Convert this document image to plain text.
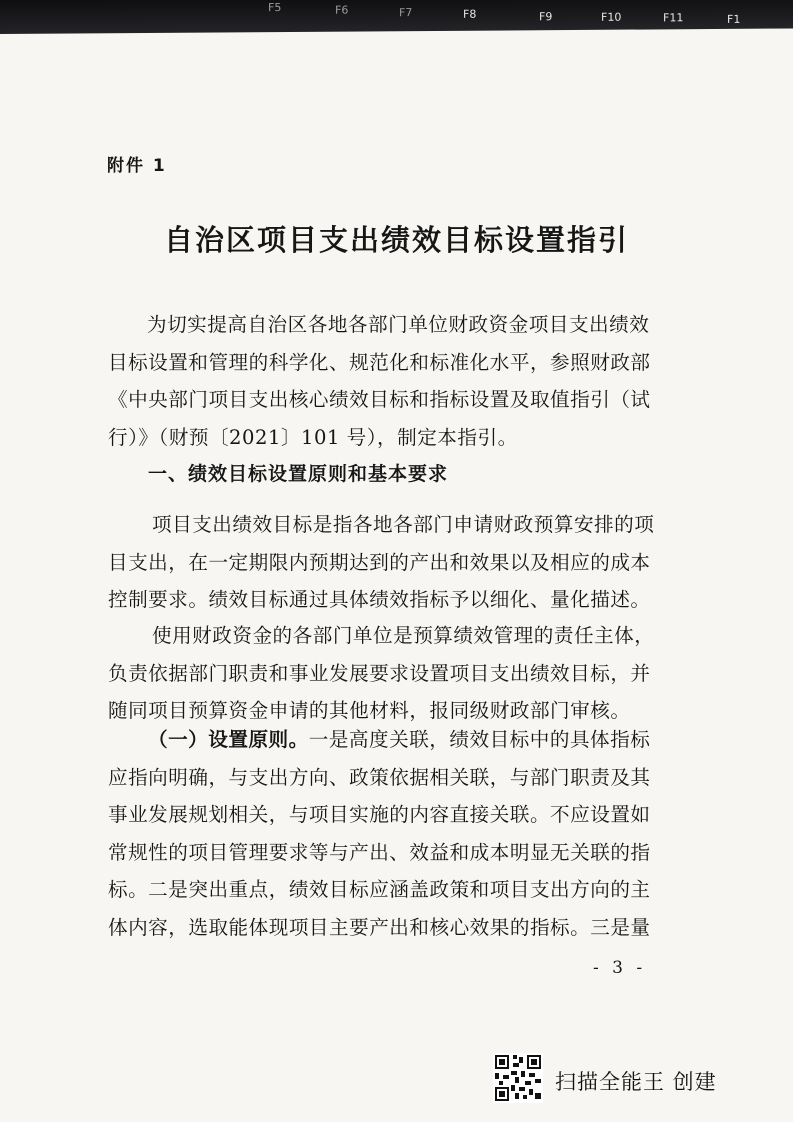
F5	F6	F7	F8	F9	F10	F11	F1
附件 1
自治区项目支出绩效目标设置指引
为切实提高自治区各地各部门单位财政资金项目支出绩效
目标设置和管理的科学化、规范化和标准化水平，参照财政部
《中央部门项目支出核心绩效目标和指标设置及取值指引（试
行）》（财预〔2021〕101 号），制定本指引。
一、绩效目标设置原则和基本要求
项目支出绩效目标是指各地各部门申请财政预算安排的项
目支出，在一定期限内预期达到的产出和效果以及相应的成本
控制要求。绩效目标通过具体绩效指标予以细化、量化描述。
使用财政资金的各部门单位是预算绩效管理的责任主体，
负责依据部门职责和事业发展要求设置项目支出绩效目标，并
随同项目预算资金申请的其他材料，报同级财政部门审核。
（一）设置原则。一是高度关联，绩效目标中的具体指标
应指向明确，与支出方向、政策依据相关联，与部门职责及其
事业发展规划相关，与项目实施的内容直接关联。不应设置如
常规性的项目管理要求等与产出、效益和成本明显无关联的指
标。二是突出重点，绩效目标应涵盖政策和项目支出方向的主
体内容，选取能体现项目主要产出和核心效果的指标。三是量
- 3 -
扫描全能王 创建
